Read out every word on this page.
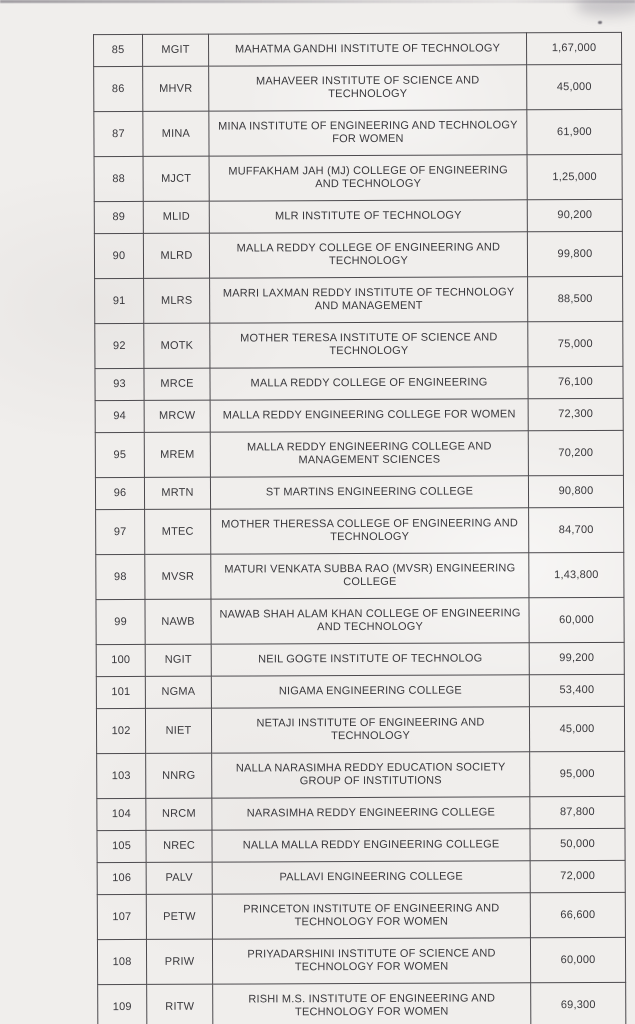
85	MGIT	MAHATMA GANDHI INSTITUTE OF TECHNOLOGY	1,67,000
86	MHVR	MAHAVEER INSTITUTE OF SCIENCE AND TECHNOLOGY	45,000
87	MINA	MINA INSTITUTE OF ENGINEERING AND TECHNOLOGY FOR WOMEN	61,900
88	MJCT	MUFFAKHAM JAH (MJ) COLLEGE OF ENGINEERING AND TECHNOLOGY	1,25,000
89	MLID	MLR INSTITUTE OF TECHNOLOGY	90,200
90	MLRD	MALLA REDDY COLLEGE OF ENGINEERING AND TECHNOLOGY	99,800
91	MLRS	MARRI LAXMAN REDDY INSTITUTE OF TECHNOLOGY AND MANAGEMENT	88,500
92	MOTK	MOTHER TERESA INSTITUTE OF SCIENCE AND TECHNOLOGY	75,000
93	MRCE	MALLA REDDY COLLEGE OF ENGINEERING	76,100
94	MRCW	MALLA REDDY ENGINEERING COLLEGE FOR WOMEN	72,300
95	MREM	MALLA REDDY ENGINEERING COLLEGE AND MANAGEMENT SCIENCES	70,200
96	MRTN	ST MARTINS ENGINEERING COLLEGE	90,800
97	MTEC	MOTHER THERESSA COLLEGE OF ENGINEERING AND TECHNOLOGY	84,700
98	MVSR	MATURI VENKATA SUBBA RAO (MVSR) ENGINEERING COLLEGE	1,43,800
99	NAWB	NAWAB SHAH ALAM KHAN COLLEGE OF ENGINEERING AND TECHNOLOGY	60,000
100	NGIT	NEIL GOGTE INSTITUTE OF TECHNOLOG	99,200
101	NGMA	NIGAMA ENGINEERING COLLEGE	53,400
102	NIET	NETAJI INSTITUTE OF ENGINEERING AND TECHNOLOGY	45,000
103	NNRG	NALLA NARASIMHA REDDY EDUCATION SOCIETY GROUP OF INSTITUTIONS	95,000
104	NRCM	NARASIMHA REDDY ENGINEERING COLLEGE	87,800
105	NREC	NALLA MALLA REDDY ENGINEERING COLLEGE	50,000
106	PALV	PALLAVI ENGINEERING COLLEGE	72,000
107	PETW	PRINCETON INSTITUTE OF ENGINEERING AND TECHNOLOGY FOR WOMEN	66,600
108	PRIW	PRIYADARSHINI INSTITUTE OF SCIENCE AND TECHNOLOGY FOR WOMEN	60,000
109	RITW	RISHI M.S. INSTITUTE OF ENGINEERING AND TECHNOLOGY FOR WOMEN	69,300
